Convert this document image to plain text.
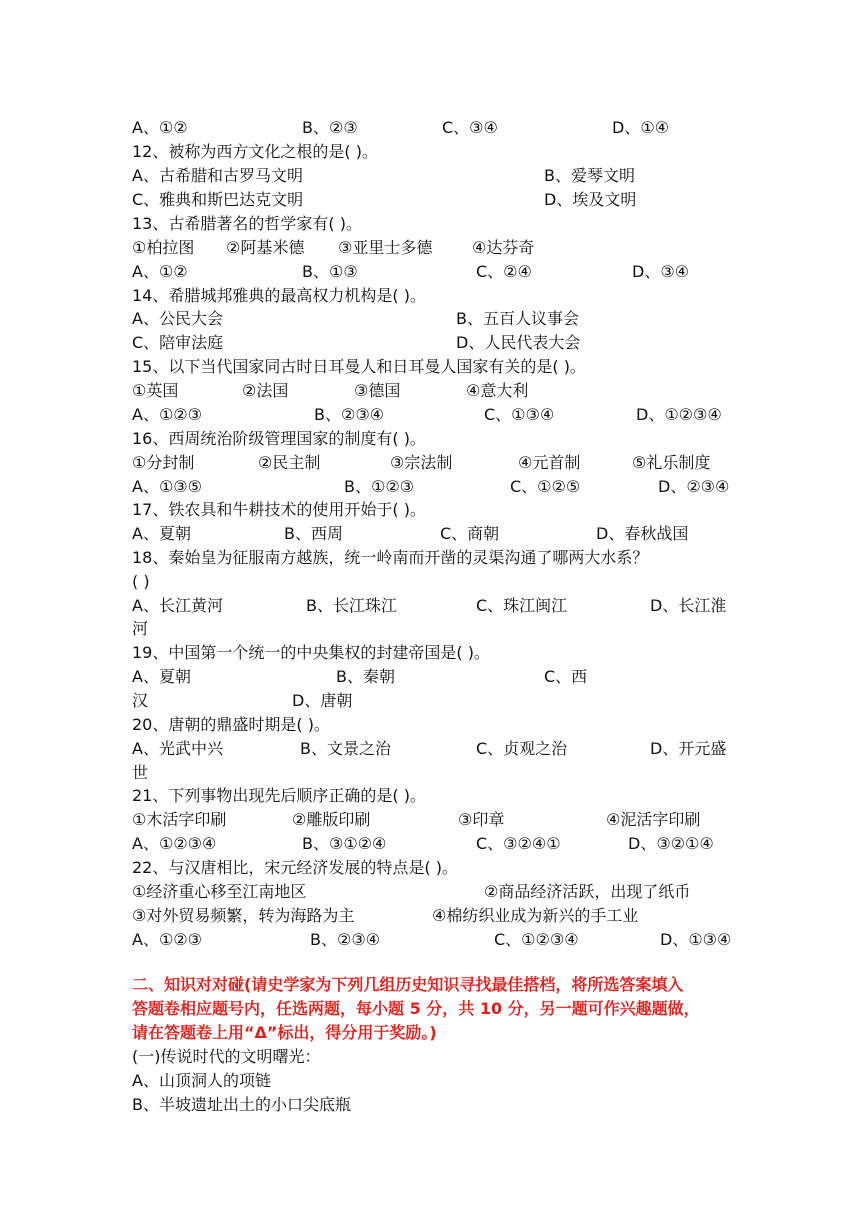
A、①②	B、②③	C、③④	D、①④
12、被称为西方文化之根的是( )。
A、古希腊和古罗马文明	B、爱琴文明
C、雅典和斯巴达克文明	D、埃及文明
13、古希腊著名的哲学家有( )。
①柏拉图 ②阿基米德 ③亚里士多德 ④达芬奇
A、①②	B、①③	C、②④	D、③④
14、希腊城邦雅典的最高权力机构是( )。
A、公民大会	B、五百人议事会
C、陪审法庭	D、人民代表大会
15、以下当代国家同古时日耳曼人和日耳曼人国家有关的是( )。
①英国	②法国	③德国	④意大利
A、①②③	B、②③④	C、①③④	D、①②③④
16、西周统治阶级管理国家的制度有( )。
①分封制	②民主制	③宗法制	④元首制	⑤礼乐制度
A、①③⑤	B、①②③	C、①②⑤	D、②③④
17、铁农具和牛耕技术的使用开始于( )。
A、夏朝	B、西周	C、商朝	D、春秋战国
18、秦始皇为征服南方越族，统一岭南而开凿的灵渠沟通了哪两大水系？
( )
A、长江黄河	B、长江珠江	C、珠江闽江	D、长江淮
河
19、中国第一个统一的中央集权的封建帝国是( )。
A、夏朝	B、秦朝	C、西
汉	D、唐朝
20、唐朝的鼎盛时期是( )。
A、光武中兴	B、文景之治	C、贞观之治	D、开元盛
世
21、下列事物出现先后顺序正确的是( )。
①木活字印刷	②雕版印刷	③印章	④泥活字印刷
A、①②③④	B、③①②④	C、③②④①	D、③②①④
22、与汉唐相比，宋元经济发展的特点是( )。
①经济重心移至江南地区	②商品经济活跃，出现了纸币
③对外贸易频繁，转为海路为主	④棉纺织业成为新兴的手工业
A、①②③	B、②③④	C、①②③④	D、①③④
二、知识对对碰(请史学家为下列几组历史知识寻找最佳搭档，将所选答案填入
答题卷相应题号内，任选两题，每小题 5 分，共 10 分，另一题可作兴趣题做，
请在答题卷上用“Δ”标出，得分用于奖励。)
(一)传说时代的文明曙光：
A、山顶洞人的项链
B、半坡遗址出土的小口尖底瓶
